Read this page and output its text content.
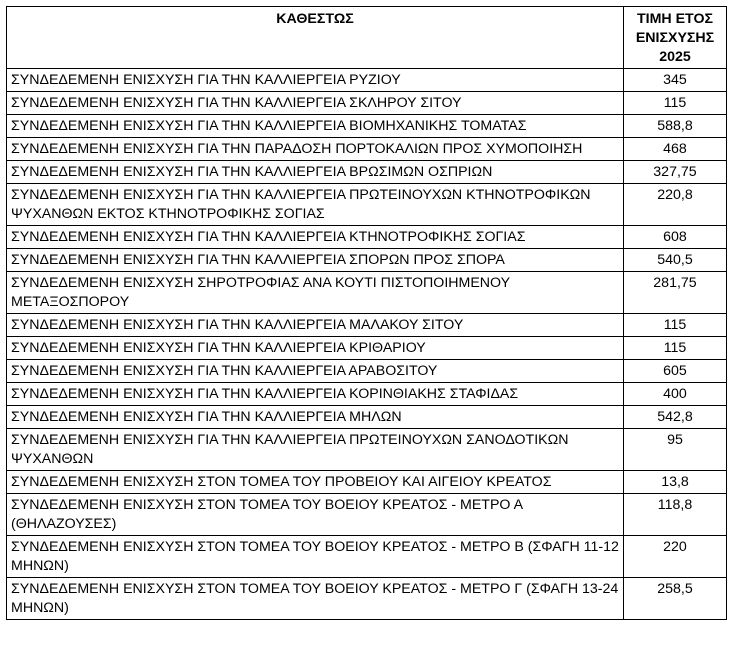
ΚΑΘΕΣΤΩΣ	ΤΙΜΗ ΕΤΟΣ ΕΝΙΣΧΥΣΗΣ 2025
ΣΥΝΔΕΔΕΜΕΝΗ ΕΝΙΣΧΥΣΗ ΓΙΑ ΤΗΝ ΚΑΛΛΙΕΡΓΕΙΑ ΡΥΖΙΟΥ	345
ΣΥΝΔΕΔΕΜΕΝΗ ΕΝΙΣΧΥΣΗ ΓΙΑ ΤΗΝ ΚΑΛΛΙΕΡΓΕΙΑ ΣΚΛΗΡΟΥ ΣΙΤΟΥ	115
ΣΥΝΔΕΔΕΜΕΝΗ ΕΝΙΣΧΥΣΗ ΓΙΑ ΤΗΝ ΚΑΛΛΙΕΡΓΕΙΑ ΒΙΟΜΗΧΑΝΙΚΗΣ ΤΟΜΑΤΑΣ	588,8
ΣΥΝΔΕΔΕΜΕΝΗ ΕΝΙΣΧΥΣΗ ΓΙΑ ΤΗΝ ΠΑΡΑΔΟΣΗ ΠΟΡΤΟΚΑΛΙΩΝ ΠΡΟΣ ΧΥΜΟΠΟΙΗΣΗ	468
ΣΥΝΔΕΔΕΜΕΝΗ ΕΝΙΣΧΥΣΗ ΓΙΑ ΤΗΝ ΚΑΛΛΙΕΡΓΕΙΑ ΒΡΩΣΙΜΩΝ ΟΣΠΡΙΩΝ	327,75
ΣΥΝΔΕΔΕΜΕΝΗ ΕΝΙΣΧΥΣΗ ΓΙΑ ΤΗΝ ΚΑΛΛΙΕΡΓΕΙΑ ΠΡΩΤΕΙΝΟΥΧΩΝ ΚΤΗΝΟΤΡΟΦΙΚΩΝ ΨΥΧΑΝΘΩΝ ΕΚΤΟΣ ΚΤΗΝΟΤΡΟΦΙΚΗΣ ΣΟΓΙΑΣ	220,8
ΣΥΝΔΕΔΕΜΕΝΗ ΕΝΙΣΧΥΣΗ ΓΙΑ ΤΗΝ ΚΑΛΛΙΕΡΓΕΙΑ ΚΤΗΝΟΤΡΟΦΙΚΗΣ ΣΟΓΙΑΣ	608
ΣΥΝΔΕΔΕΜΕΝΗ ΕΝΙΣΧΥΣΗ ΓΙΑ ΤΗΝ ΚΑΛΛΙΕΡΓΕΙΑ ΣΠΟΡΩΝ ΠΡΟΣ ΣΠΟΡΑ	540,5
ΣΥΝΔΕΔΕΜΕΝΗ ΕΝΙΣΧΥΣΗ ΣΗΡΟΤΡΟΦΙΑΣ ΑΝΑ ΚΟΥΤΙ ΠΙΣΤΟΠΟΙΗΜΕΝΟΥ ΜΕΤΑΞΟΣΠΟΡΟΥ	281,75
ΣΥΝΔΕΔΕΜΕΝΗ ΕΝΙΣΧΥΣΗ ΓΙΑ ΤΗΝ ΚΑΛΛΙΕΡΓΕΙΑ ΜΑΛΑΚΟΥ ΣΙΤΟΥ	115
ΣΥΝΔΕΔΕΜΕΝΗ ΕΝΙΣΧΥΣΗ ΓΙΑ ΤΗΝ ΚΑΛΛΙΕΡΓΕΙΑ ΚΡΙΘΑΡΙΟΥ	115
ΣΥΝΔΕΔΕΜΕΝΗ ΕΝΙΣΧΥΣΗ ΓΙΑ ΤΗΝ ΚΑΛΛΙΕΡΓΕΙΑ ΑΡΑΒΟΣΙΤΟΥ	605
ΣΥΝΔΕΔΕΜΕΝΗ ΕΝΙΣΧΥΣΗ ΓΙΑ ΤΗΝ ΚΑΛΛΙΕΡΓΕΙΑ ΚΟΡΙΝΘΙΑΚΗΣ ΣΤΑΦΙΔΑΣ	400
ΣΥΝΔΕΔΕΜΕΝΗ ΕΝΙΣΧΥΣΗ ΓΙΑ ΤΗΝ ΚΑΛΛΙΕΡΓΕΙΑ ΜΗΛΩΝ	542,8
ΣΥΝΔΕΔΕΜΕΝΗ ΕΝΙΣΧΥΣΗ ΓΙΑ ΤΗΝ ΚΑΛΛΙΕΡΓΕΙΑ ΠΡΩΤΕΙΝΟΥΧΩΝ ΣΑΝΟΔΟΤΙΚΩΝ ΨΥΧΑΝΘΩΝ	95
ΣΥΝΔΕΔΕΜΕΝΗ ΕΝΙΣΧΥΣΗ ΣΤΟΝ ΤΟΜΕΑ ΤΟΥ ΠΡΟΒΕΙΟΥ ΚΑΙ ΑΙΓΕΙΟΥ ΚΡΕΑΤΟΣ	13,8
ΣΥΝΔΕΔΕΜΕΝΗ ΕΝΙΣΧΥΣΗ ΣΤΟΝ ΤΟΜΕΑ ΤΟΥ ΒΟΕΙΟΥ ΚΡΕΑΤΟΣ - ΜΕΤΡΟ Α (ΘΗΛΑΖΟΥΣΕΣ)	118,8
ΣΥΝΔΕΔΕΜΕΝΗ ΕΝΙΣΧΥΣΗ ΣΤΟΝ ΤΟΜΕΑ ΤΟΥ ΒΟΕΙΟΥ ΚΡΕΑΤΟΣ - ΜΕΤΡΟ Β (ΣΦΑΓΗ 11-12 ΜΗΝΩΝ)	220
ΣΥΝΔΕΔΕΜΕΝΗ ΕΝΙΣΧΥΣΗ ΣΤΟΝ ΤΟΜΕΑ ΤΟΥ ΒΟΕΙΟΥ ΚΡΕΑΤΟΣ - ΜΕΤΡΟ Γ (ΣΦΑΓΗ 13-24 ΜΗΝΩΝ)	258,5
